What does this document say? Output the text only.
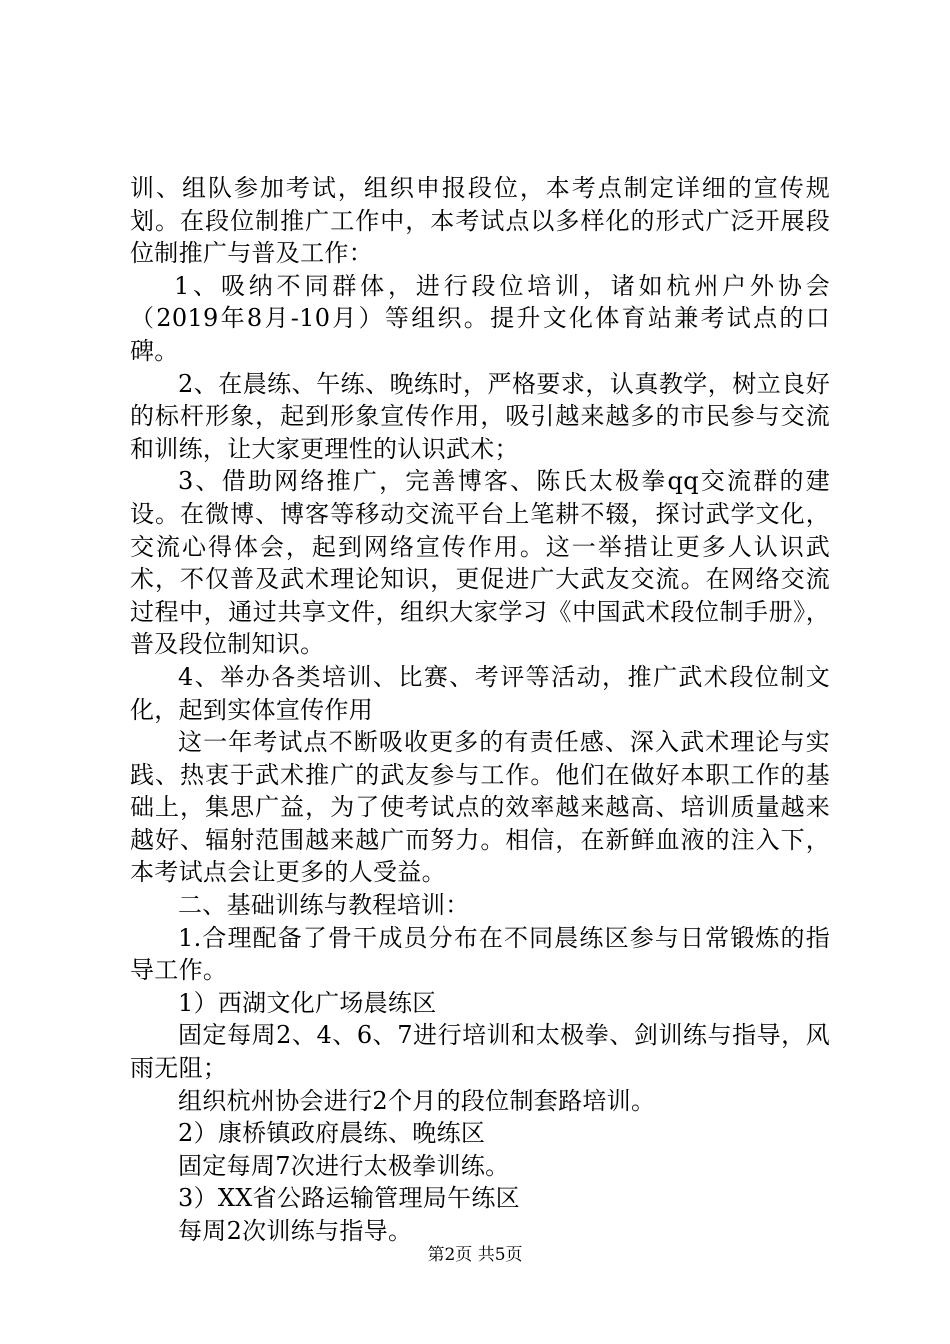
训、组队参加考试，组织申报段位，本考点制定详细的宣传规划。在段位制推广工作中，本考试点以多样化的形式广泛开展段位制推广与普及工作：

1、吸纳不同群体，进行段位培训，诸如杭州户外协会（2019年8月-10月）等组织。提升文化体育站兼考试点的口碑。

2、在晨练、午练、晚练时，严格要求，认真教学，树立良好的标杆形象，起到形象宣传作用，吸引越来越多的市民参与交流和训练，让大家更理性的认识武术；

3、借助网络推广，完善博客、陈氏太极拳qq交流群的建设。在微博、博客等移动交流平台上笔耕不辍，探讨武学文化，交流心得体会，起到网络宣传作用。这一举措让更多人认识武术，不仅普及武术理论知识，更促进广大武友交流。在网络交流过程中，通过共享文件，组织大家学习《中国武术段位制手册》，普及段位制知识。

4、举办各类培训、比赛、考评等活动，推广武术段位制文化，起到实体宣传作用

这一年考试点不断吸收更多的有责任感、深入武术理论与实践、热衷于武术推广的武友参与工作。他们在做好本职工作的基础上，集思广益，为了使考试点的效率越来越高、培训质量越来越好、辐射范围越来越广而努力。相信，在新鲜血液的注入下，本考试点会让更多的人受益。

二、基础训练与教程培训：

1.合理配备了骨干成员分布在不同晨练区参与日常锻炼的指导工作。

1）西湖文化广场晨练区

固定每周2、4、6、7进行培训和太极拳、剑训练与指导，风雨无阻；

组织杭州协会进行2个月的段位制套路培训。

2）康桥镇政府晨练、晚练区

固定每周7次进行太极拳训练。

3）XX省公路运输管理局午练区

每周2次训练与指导。

第2页 共5页
